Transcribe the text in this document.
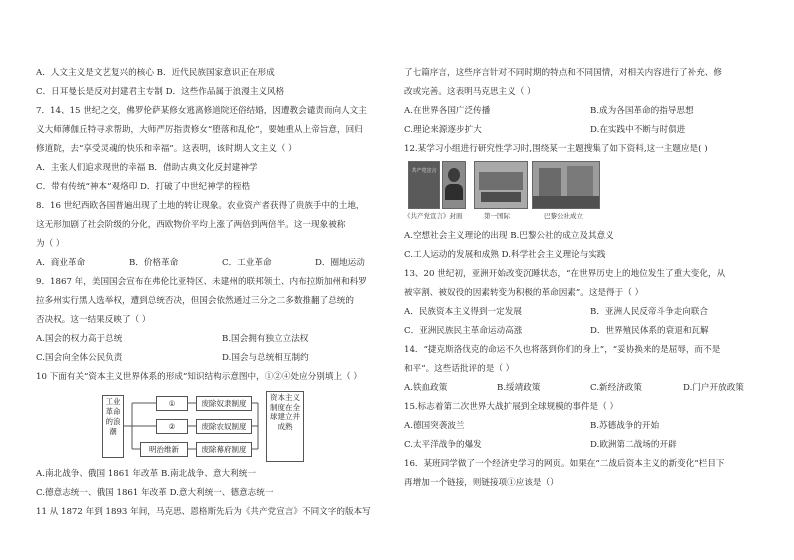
A．人文主义是文艺复兴的核心 B．近代民族国家意识正在形成
C．日耳曼长是反对封建君主专制 D．这些作品属于浪漫主义风格
7．14、15 世纪之交，佛罗伦萨某修女逃离修道院还俗结婚，因遭教会谴责而向人文主
义大师薄伽丘特寻求帮助，大师严厉指责修女“堕落和乱伦”，要她重从上帝旨意，回归
修道院，去“享受灵魂的快乐和幸福”。这表明，该时期人文主义（ ）
A．主张人们追求现世的幸福 B．借助古典文化反封建神学
C．带有传统“神本”观烙印 D．打破了中世纪神学的桎梏
8．16 世纪西欧各国普遍出现了土地的转让现象。农业资产者获得了贵族手中的土地，
这无形加剧了社会阶级的分化，西欧物价平均上涨了两倍到两倍半。这一现象被称
为（ ）
A．商业革命	B．价格革命	C．工业革命	D．圈地运动
9．1867 年，美国国会宣布在弗伦比亚特区、未建州的联邦领土、内布拉斯加州和科罗
拉多州实行黑人选举权，遭到总统否决，但国会依然通过三分之二多数推翻了总统的
否决权。这一结果反映了（ ）
A.国会的权力高于总统	B.国会拥有独立立法权
C.国会向全体公民负责	D.国会与总统相互制约
10 下面有关“资本主义世界体系的形成”知识结构示意图中，①②④处应分别填上（ ）
工业革命的浪潮
①	废除奴隶制度
②	废除农奴制度
明治维新	废除幕府制度
资本主义制度在全球建立并成熟
A.南北战争、俄国 1861 年改革 B.南北战争、意大利统一
C.德意志统一、俄国 1861 年改革 D.意大利统一、德意志统一
11 从 1872 年到 1893 年间，马克思、恩格斯先后为《共产党宣言》不同文字的版本写
了七篇序言，这些序言针对不同时期的特点和不同国情，对相关内容进行了补充、修
改或完善。这表明马克思主义（ ）
A.在世界各国广泛传播	B.成为各国革命的指导思想
C.理论来源逐步扩大	D.在实践中不断与时俱进
12.某学习小组进行研究性学习时,围绕某一主题搜集了如下资料,这一主题应是( )
共产党宣言
《共产党宣言》封面	第一国际	巴黎公社成立
A.空想社会主义理论的出现 B.巴黎公社的成立及其意义
C.工人运动的发展和成熟 D.科学社会主义理论与实践
13、20 世纪初，亚洲开始改变沉睡状态，“在世界历史上的地位发生了重大变化，从
被宰割、被奴役的因素转变为积极的革命因素”。这是得于（ ）
A．民族资本主义得到一定发展	B．亚洲人民反帝斗争走向联合
C．亚洲民族民主革命运动高涨	D．世界殖民体系的衰退和瓦解
14．“捷克斯洛伐克的命运不久也将落到你们的身上”，“妥协换来的是屈辱，而不是
和平”。这些话批评的是（ ）
A.铁血政策	B.绥靖政策	C.新经济政策	D.门户开放政策
15.标志着第二次世界大战扩展到全球规模的事件是（ ）
A.德国突袭波兰	B.苏德战争的开始
C.太平洋战争的爆发	D.欧洲第二战场的开辟
16．某班同学做了一个经济史学习的网页。如果在“二战后资本主义的新变化”栏目下
再增加一个链接，则链接项①应该是（）
